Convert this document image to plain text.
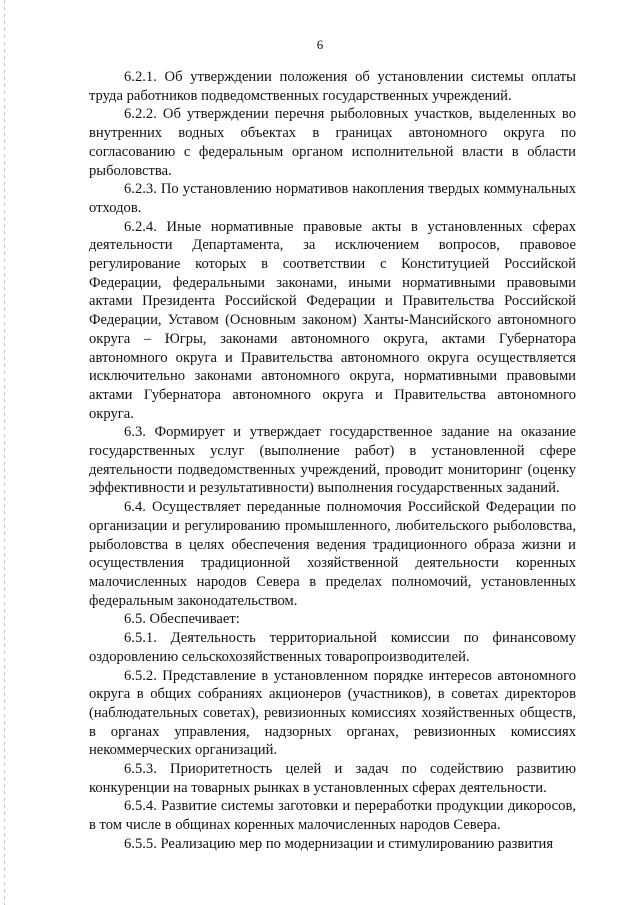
6

6.2.1. Об утверждении положения об установлении системы оплаты труда работников подведомственных государственных учреждений.

6.2.2. Об утверждении перечня рыболовных участков, выделенных во внутренних водных объектах в границах автономного округа по согласованию с федеральным органом исполнительной власти в области рыболовства.

6.2.3. По установлению нормативов накопления твердых коммунальных отходов.

6.2.4. Иные нормативные правовые акты в установленных сферах деятельности Департамента, за исключением вопросов, правовое регулирование которых в соответствии с Конституцией Российской Федерации, федеральными законами, иными нормативными правовыми актами Президента Российской Федерации и Правительства Российской Федерации, Уставом (Основным законом) Ханты-Мансийского автономного округа – Югры, законами автономного округа, актами Губернатора автономного округа и Правительства автономного округа осуществляется исключительно законами автономного округа, нормативными правовыми актами Губернатора автономного округа и Правительства автономного округа.

6.3. Формирует и утверждает государственное задание на оказание государственных услуг (выполнение работ) в установленной сфере деятельности подведомственных учреждений, проводит мониторинг (оценку эффективности и результативности) выполнения государственных заданий.

6.4. Осуществляет переданные полномочия Российской Федерации по организации и регулированию промышленного, любительского рыболовства, рыболовства в целях обеспечения ведения традиционного образа жизни и осуществления традиционной хозяйственной деятельности коренных малочисленных народов Севера в пределах полномочий, установленных федеральным законодательством.

6.5. Обеспечивает:

6.5.1. Деятельность территориальной комиссии по финансовому оздоровлению сельскохозяйственных товаропроизводителей.

6.5.2. Представление в установленном порядке интересов автономного округа в общих собраниях акционеров (участников), в советах директоров (наблюдательных советах), ревизионных комиссиях хозяйственных обществ, в органах управления, надзорных органах, ревизионных комиссиях некоммерческих организаций.

6.5.3. Приоритетность целей и задач по содействию развитию конкуренции на товарных рынках в установленных сферах деятельности.

6.5.4. Развитие системы заготовки и переработки продукции дикоросов, в том числе в общинах коренных малочисленных народов Севера.

6.5.5. Реализацию мер по модернизации и стимулированию развития
